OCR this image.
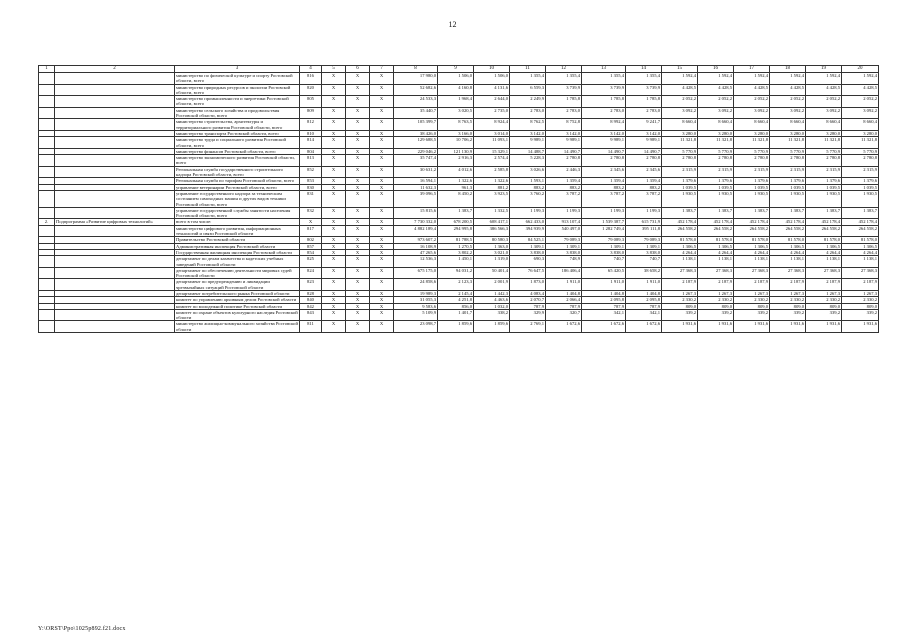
12
1	2	3	4	5	6	7	8	9	10	11	12	13	14	15	16	17	18	19	20
		министерство по физической культуре и спорту Ростовской области, всего	816	X	X	X	17 980,0	1 506,0	1 506,0	1 355,4	1 355,4	1 355,4	1 355,4	1 592,4	1 592,4	1 592,4	1 592,4	1 592,4	1 592,4
		министерство природных ресурсов и экологии Ростовской области, всего	820	X	X	X	52 682,6	4 160,8	4 131,6	6 559,3	3 739,9	3 739,9	3 739,9	4 428,5	4 428,5	4 428,5	4 428,5	4 428,5	4 428,5
		министерство промышленности и энергетики Ростовской области, всего	805	X	X	X	24 533,3	1 968,4	2 644,0	2 249,9	1 785,8	1 785,8	1 785,8	2 052,2	2 052,2	2 052,2	2 052,2	2 052,2	2 052,2
		министерство сельского хозяйства и продовольствия Ростовской области, всего	809	X	X	X	35 440,7	3 020,5	2 735,0	2 783,0	2 783,0	2 783,0	2 783,0	3 092,2	3 092,2	3 092,2	3 092,2	3 092,2	3 092,2
		министерство строительства, архитектуры и территориального развития Ростовской области, всего	812	X	X	X	105 399,7	8 763,5	8 924,4	8 762,5	8 752,8	8 992,4	9 241,7	8 660,4	8 660,4	8 660,4	8 660,4	8 660,4	8 660,4
		министерство транспорта Ростовской области, всего	810	X	X	X	38 426,0	3 166,0	3 014,0	3 142,0	3 142,0	3 142,0	3 142,0	3 280,0	3 280,0	3 280,0	3 280,0	3 280,0	3 280,0
		министерство труда и социального развития Ростовской области, всего	814	X	X	X	129 688,5	10 706,2	11 093,1	9 989,1	9 989,1	9 989,1	9 989,1	11 321,8	11 321,8	11 321,8	11 321,8	11 321,8	11 321,8
		министерство финансов Ростовской области, всего	804	X	X	X	229 046,2	121 130,9	15 329,1	14 488,7	14 490,7	14 490,7	14 490,7	5 770,9	5 770,9	5 770,9	5 770,9	5 770,9	5 770,9
		министерство экономического развития Ростовской области, всего	813	X	X	X	35 747,4	2 916,3	2 574,4	5 228,3	2 780,8	2 780,8	2 780,8	2 780,8	2 780,8	2 780,8	2 780,8	2 780,8	2 780,8
		Региональная служба государственного строительного надзора Ростовской области, всего	852	X	X	X	30 631,2	4 012,6	2 585,8	3 026,6	2 446,3	2 345,6	2 345,6	2 315,9	2 315,9	2 315,9	2 315,9	2 315,9	2 315,9
		Региональная служба по тарифам Ростовской области, всего	853	X	X	X	16 594,1	1 322,6	1 322,6	1 593,1	1 359,4	1 359,4	1 359,4	1 379,6	1 379,6	1 379,6	1 379,6	1 379,6	1 379,6
		управление ветеринарии Ростовской области, всего	830	X	X	X	11 632,3	961,3	881,2	883,2	883,2	883,2	883,2	1 039,5	1 039,5	1 039,5	1 039,5	1 039,5	1 039,5
		управление государственного надзора за техническим состоянием самоходных машин и других видов техники Ростовской области, всего	831	X	X	X	39 096,5	8 450,2	3 923,5	3 760,2	3 787,2	3 787,2	3 787,2	1 930,5	1 930,5	1 930,5	1 930,5	1 930,5	1 930,5
		управление государственной службы занятости населения Ростовской области, всего	832	X	X	X	15 815,6	1 383,7	1 332,5	1 199,3	1 199,3	1 199,3	1 199,3	1 383,7	1 383,7	1 383,7	1 383,7	1 383,7	1 383,7
2.	Подпрограмма «Развитие цифровых технологий»	всего в том числе:	X	X	X	X	7 730 332,0	678 200,5	608 417,1	662 433,0	913 107,4	1 539 387,7	615 731,9	452 178,4	452 178,4	452 178,4	452 178,4	452 178,4	452 178,4
		министерство цифрового развития, информационных технологий и связи Ростовской области	817	X	X	X	4 882 189,4	294 995,8	386 566,3	394 939,9	540 497,0	1 282 749,4	395 111,8	264 558,2	264 558,2	264 558,2	264 558,2	264 558,2	264 558,2
		Правительство Ростовской области	802	X	X	X	973 607,2	81 788,5	80 580,3	84 525,1	79 089,3	79 089,3	79 089,3	81 578,0	81 578,0	81 578,0	81 578,0	81 578,0	81 578,0
		Административная инспекция Ростовской области	857	X	X	X	16 108,9	1 270,5	1 363,0	1 309,1	1 309,1	1 309,1	1 309,1	1 306,5	1 306,5	1 306,5	1 306,5	1 306,5	1 306,5
		Государственная жилищная инспекция Ростовской области	854	X	X	X	47 265,6	3 802,2	3 021,0	3 838,0	3 838,0	3 838,0	3 838,0	4 264,4	4 264,4	4 264,4	4 264,4	4 264,4	4 264,4
		департамент по делам казачества и кадетских учебных заведений Ростовской области	825	X	X	X	12 536,3	1 450,1	1 319,0	690,3	748,9	740,7	740,7	1 138,1	1 138,1	1 138,1	1 138,1	1 138,1	1 138,1
		департамент по обеспечению деятельности мировых судей Ростовской области	824	X	X	X	675 175,0	94 031,2	50 401,4	76 647,5	186 406,4	65 420,5	38 658,2	27 368,3	27 368,3	27 368,3	27 368,3	27 368,3	27 368,3
		департамент по предупреждению и ликвидации чрезвычайных ситуаций Ростовской области	823	X	X	X	24 858,6	2 123,3	2 001,9	1 873,0	1 911,0	1 911,0	1 911,0	2 187,9	2 187,9	2 187,9	2 187,9	2 187,9	2 187,9
		департамент потребительского рынка Ростовской области	828	X	X	X	19 989,3	2 145,4	1 442,3	4 083,4	1 404,8	1 404,8	1 404,8	1 267,3	1 267,3	1 267,3	1 267,3	1 267,3	1 267,3
		комитет по управлению архивным делом Ростовской области	840	X	X	X	31 055,3	4 251,8	4 463,6	2 070,7	2 066,4	2 095,8	2 095,8	2 330,2	2 330,2	2 330,2	2 330,2	2 330,2	2 330,2
		комитет по молодежной политике Ростовской области	842	X	X	X	9 583,6	856,0	1 032,0	787,9	787,9	787,9	787,9	809,0	809,0	809,0	809,0	809,0	809,0
		комитет по охране объектов культурного наследия Ростовской области	843	X	X	X	5 109,9	1 401,7	338,2	329,9	320,7	342,1	342,1	339,2	339,2	339,2	339,2	339,2	339,2
		министерство жилищно-коммунального хозяйства Ростовской области	811	X	X	X	23 098,7	1 859,6	1 859,6	2 769,1	1 672,6	1 672,6	1 672,6	1 931,6	1 931,6	1 931,6	1 931,6	1 931,6	1 931,6
Y:\ORST\Ppo\1025p892.f21.docx
